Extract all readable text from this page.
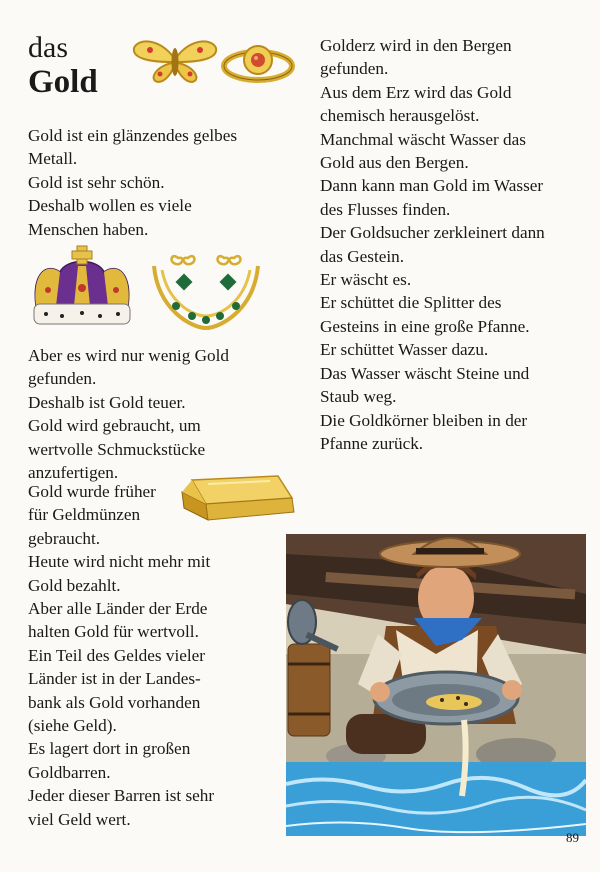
das
Gold
Gold ist ein glänzendes gelbes
Metall.
Gold ist sehr schön.
Deshalb wollen es viele
Menschen haben.
Aber es wird nur wenig Gold
gefunden.
Deshalb ist Gold teuer.
Gold wird gebraucht, um
wertvolle Schmuckstücke
anzufertigen.
Gold wurde früher
für Geldmünzen
gebraucht.
Heute wird nicht mehr mit
Gold bezahlt.
Aber alle Länder der Erde
halten Gold für wertvoll.
Ein Teil des Geldes vieler
Länder ist in der Landes-
bank als Gold vorhanden
(siehe Geld).
Es lagert dort in großen
Goldbarren.
Jeder dieser Barren ist sehr
viel Geld wert.
Golderz wird in den Bergen
gefunden.
Aus dem Erz wird das Gold
chemisch herausgelöst.
Manchmal wäscht Wasser das
Gold aus den Bergen.
Dann kann man Gold im Wasser
des Flusses finden.
Der Goldsucher zerkleinert dann
das Gestein.
Er wäscht es.
Er schüttet die Splitter des
Gesteins in eine große Pfanne.
Er schüttet Wasser dazu.
Das Wasser wäscht Steine und
Staub weg.
Die Goldkörner bleiben in der
Pfanne zurück.
89
